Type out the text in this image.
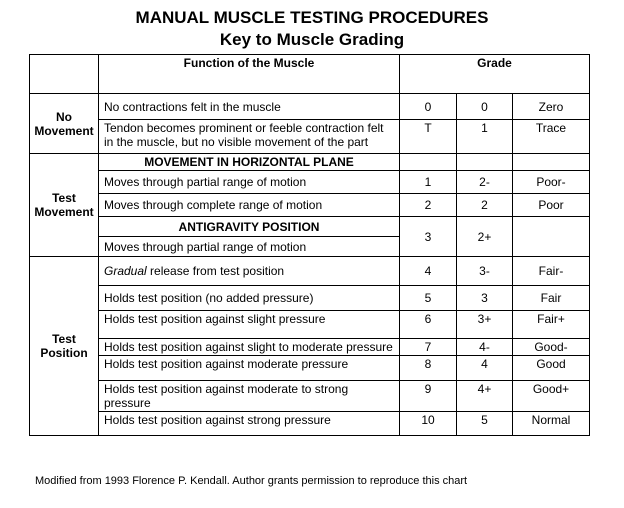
MANUAL MUSCLE TESTING PROCEDURES
Key to Muscle Grading
	Function of the Muscle	Grade		
No Movement	No contractions felt in the muscle	0	0	Zero
	Tendon becomes prominent or feeble contraction felt in the muscle, but no visible movement of the part	T	1	Trace
Test Movement	MOVEMENT IN HORIZONTAL PLANE			
	Moves through partial range of motion	1	2-	Poor-
	Moves through complete range of motion	2	2	Poor
	ANTIGRAVITY POSITION	3	2+	
	Moves through partial range of motion			
Test Position	Gradual release from test position	4	3-	Fair-
	Holds test position (no added pressure)	5	3	Fair
	Holds test position against slight pressure	6	3+	Fair+
	Holds test position against slight to moderate pressure	7	4-	Good-
	Holds test position against moderate pressure	8	4	Good
	Holds test position against moderate to strong pressure	9	4+	Good+
	Holds test position against strong pressure	10	5	Normal

Modified from 1993 Florence P. Kendall. Author grants permission to reproduce this chart
